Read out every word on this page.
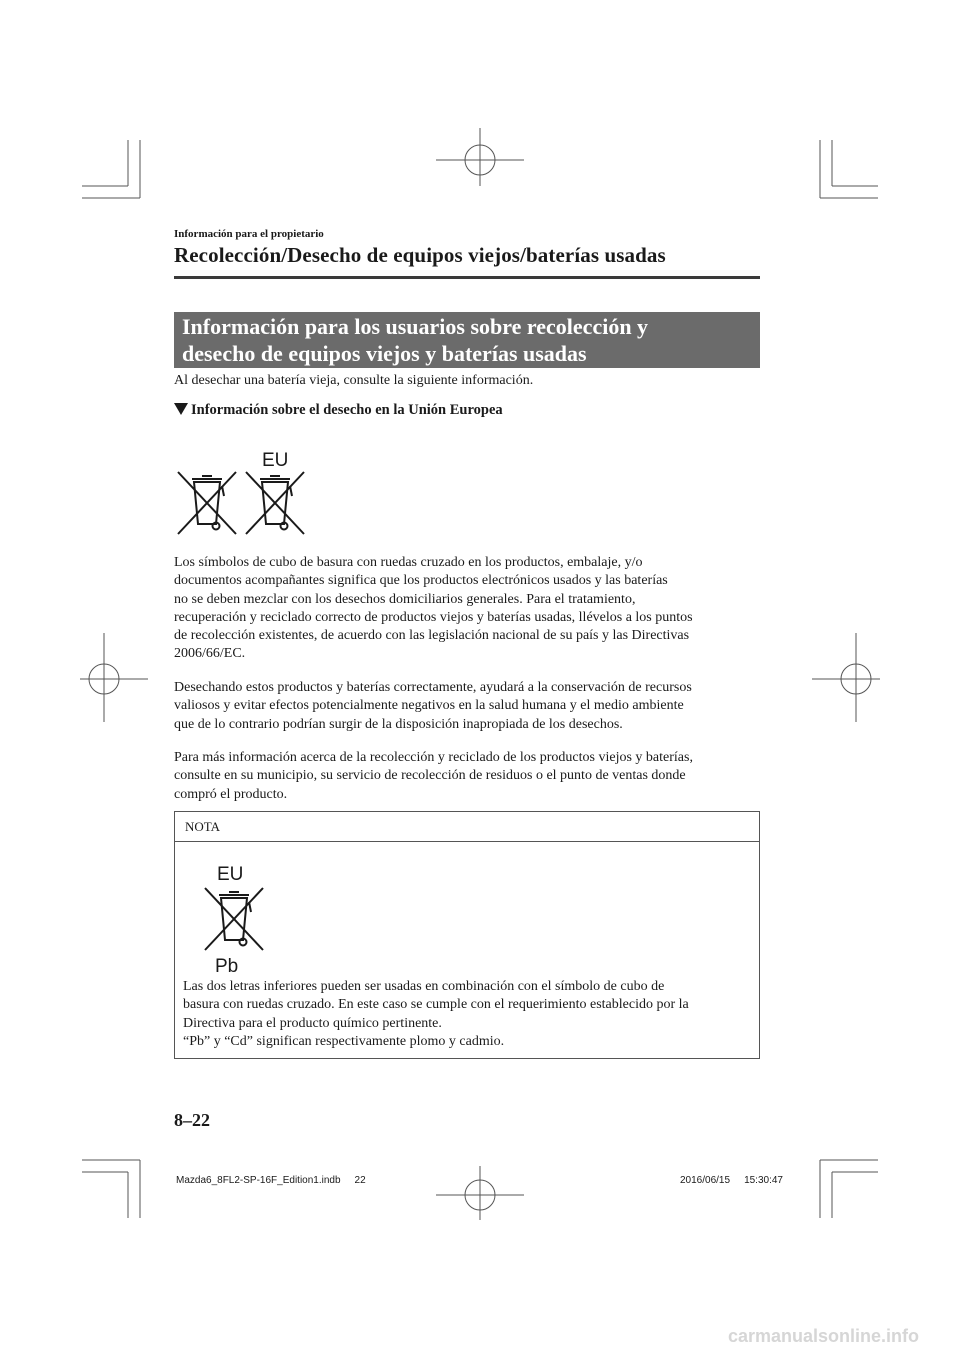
Información para el propietario
Recolección/Desecho de equipos viejos/baterías usadas
Información para los usuarios sobre recolección y
desecho de equipos viejos y baterías usadas
Al desechar una batería vieja, consulte la siguiente información.
Información sobre el desecho en la Unión Europea
EU
Los símbolos de cubo de basura con ruedas cruzado en los productos, embalaje, y/o
documentos acompañantes significa que los productos electrónicos usados y las baterías
no se deben mezclar con los desechos domiciliarios generales. Para el tratamiento,
recuperación y reciclado correcto de productos viejos y baterías usadas, llévelos a los puntos
de recolección existentes, de acuerdo con las legislación nacional de su país y las Directivas
2006/66/EC.
Desechando estos productos y baterías correctamente, ayudará a la conservación de recursos
valiosos y evitar efectos potencialmente negativos en la salud humana y el medio ambiente
que de lo contrario podrían surgir de la disposición inapropiada de los desechos.
Para más información acerca de la recolección y reciclado de los productos viejos y baterías,
consulte en su municipio, su servicio de recolección de residuos o el punto de ventas donde
compró el producto.
NOTA
EU
Pb
Las dos letras inferiores pueden ser usadas en combinación con el símbolo de cubo de
basura con ruedas cruzado. En este caso se cumple con el requerimiento establecido por la
Directiva para el producto químico pertinente.
“Pb” y “Cd” significan respectivamente plomo y cadmio.
8–22
Mazda6_8FL2-SP-16F_Edition1.indb 22	2016/06/15 15:30:47
carmanualsonline.info
